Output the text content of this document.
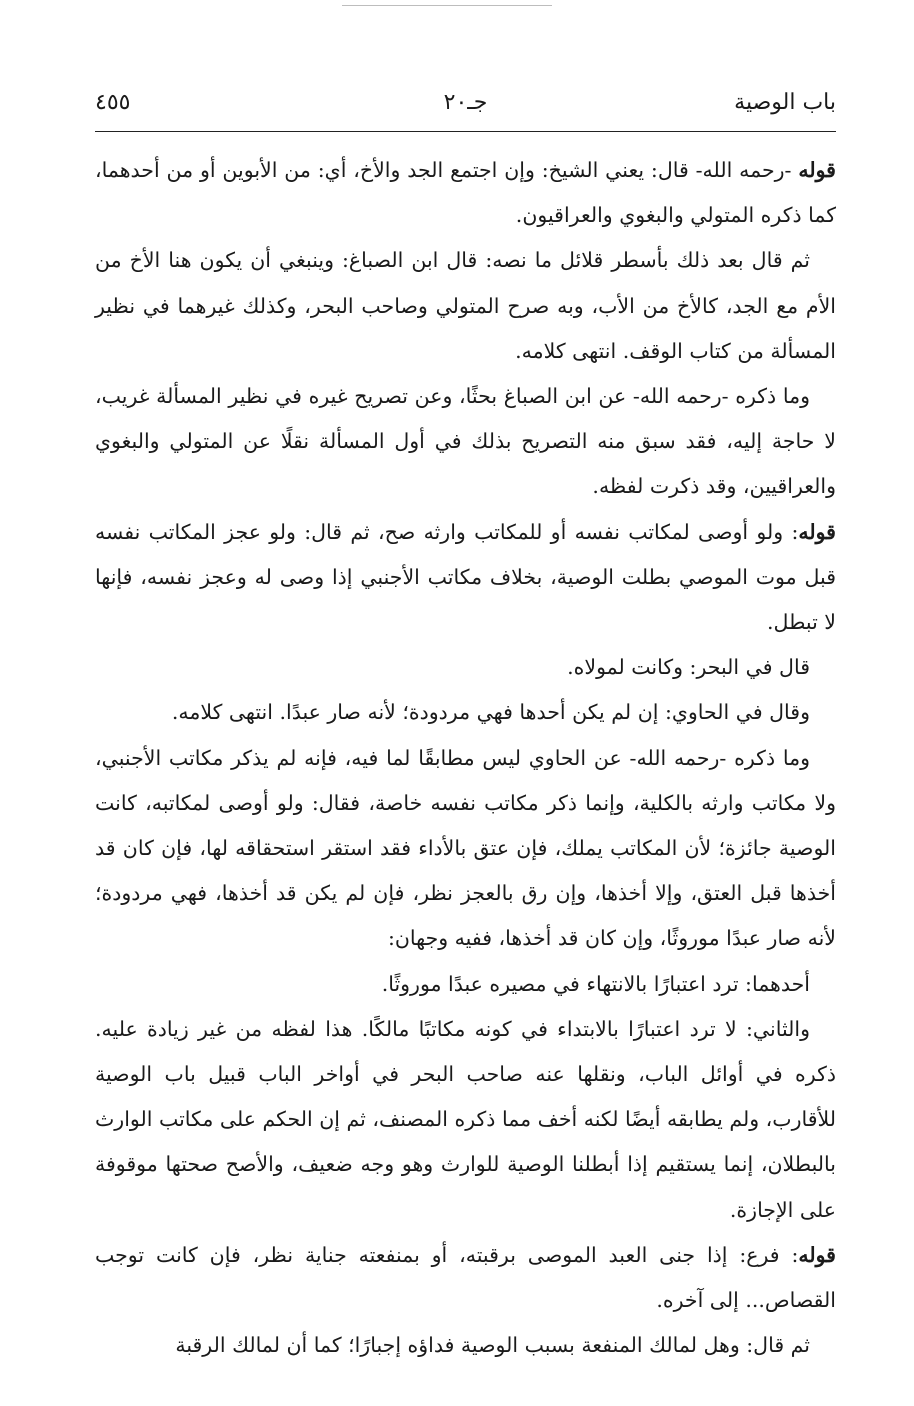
باب الوصية
جـ٢٠
٤٥٥

قوله -رحمه الله- قال: يعني الشيخ: وإن اجتمع الجد والأخ، أي: من الأبوين أو من أحدهما، كما ذكره المتولي والبغوي والعراقيون.

ثم قال بعد ذلك بأسطر قلائل ما نصه: قال ابن الصباغ: وينبغي أن يكون هنا الأخ من الأم مع الجد، كالأخ من الأب، وبه صرح المتولي وصاحب البحر، وكذلك غيرهما في نظير المسألة من كتاب الوقف. انتهى كلامه.

وما ذكره -رحمه الله- عن ابن الصباغ بحثًا، وعن تصريح غيره في نظير المسألة غريب، لا حاجة إليه، فقد سبق منه التصريح بذلك في أول المسألة نقلًا عن المتولي والبغوي والعراقيين، وقد ذكرت لفظه.

قوله: ولو أوصى لمكاتب نفسه أو للمكاتب وارثه صح، ثم قال: ولو عجز المكاتب نفسه قبل موت الموصي بطلت الوصية، بخلاف مكاتب الأجنبي إذا وصى له وعجز نفسه، فإنها لا تبطل.

قال في البحر: وكانت لمولاه.

وقال في الحاوي: إن لم يكن أحدها فهي مردودة؛ لأنه صار عبدًا. انتهى كلامه.

وما ذكره -رحمه الله- عن الحاوي ليس مطابقًا لما فيه، فإنه لم يذكر مكاتب الأجنبي، ولا مكاتب وارثه بالكلية، وإنما ذكر مكاتب نفسه خاصة، فقال: ولو أوصى لمكاتبه، كانت الوصية جائزة؛ لأن المكاتب يملك، فإن عتق بالأداء فقد استقر استحقاقه لها، فإن كان قد أخذها قبل العتق، وإلا أخذها، وإن رق بالعجز نظر، فإن لم يكن قد أخذها، فهي مردودة؛ لأنه صار عبدًا موروثًا، وإن كان قد أخذها، ففيه وجهان:

أحدهما: ترد اعتبارًا بالانتهاء في مصيره عبدًا موروثًا.

والثاني: لا ترد اعتبارًا بالابتداء في كونه مكاتبًا مالكًا. هذا لفظه من غير زيادة عليه. ذكره في أوائل الباب، ونقلها عنه صاحب البحر في أواخر الباب قبيل باب الوصية للأقارب، ولم يطابقه أيضًا لكنه أخف مما ذكره المصنف، ثم إن الحكم على مكاتب الوارث بالبطلان، إنما يستقيم إذا أبطلنا الوصية للوارث وهو وجه ضعيف، والأصح صحتها موقوفة على الإجازة.

قوله: فرع: إذا جنى العبد الموصى برقبته، أو بمنفعته جناية نظر، فإن كانت توجب القصاص... إلى آخره.

ثم قال: وهل لمالك المنفعة بسبب الوصية فداؤه إجبارًا؛ كما أن لمالك الرقبة
